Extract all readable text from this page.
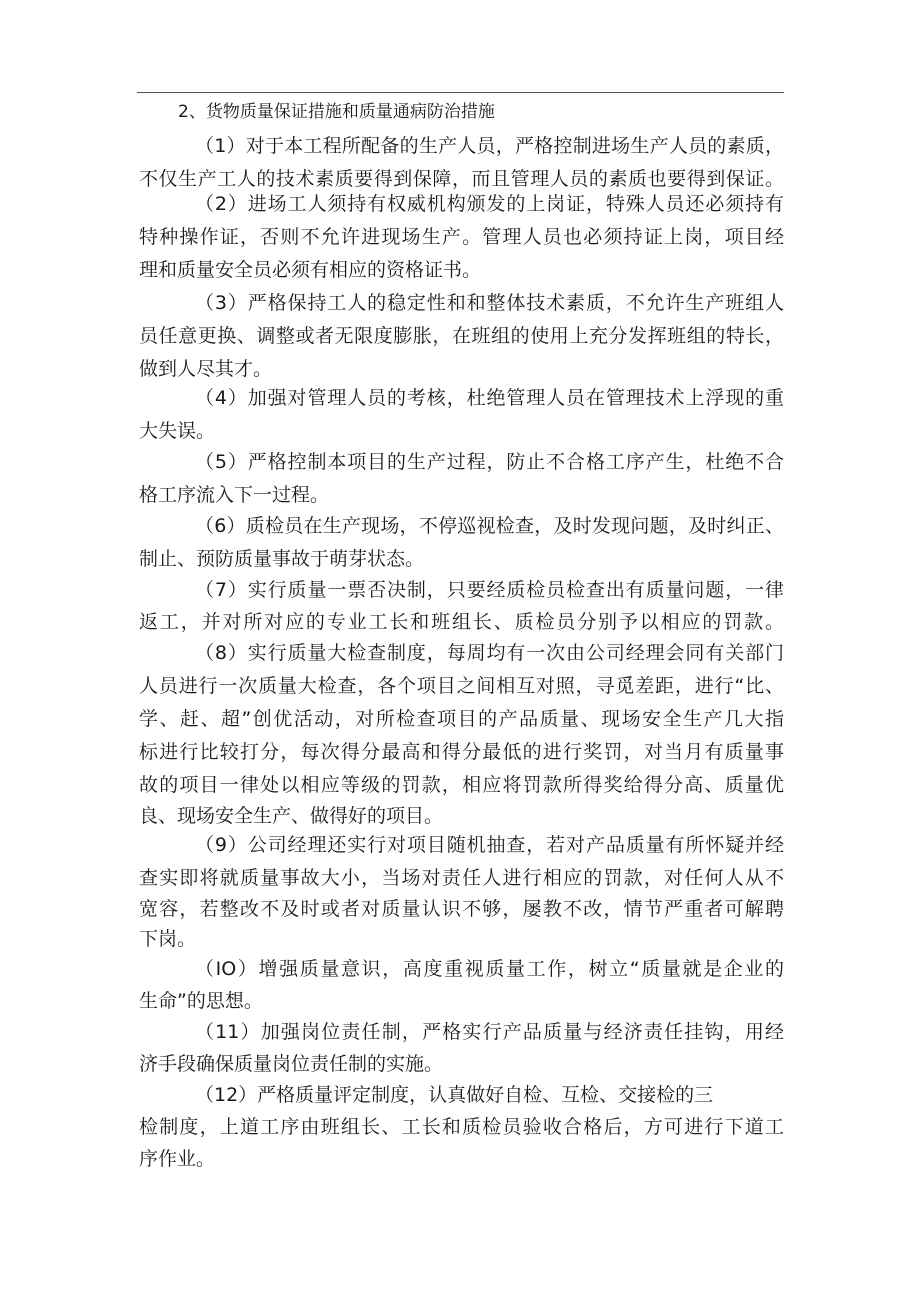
2、货物质量保证措施和质量通病防治措施
（1）对于本工程所配备的生产人员，严格控制进场生产人员的素质，
不仅生产工人的技术素质要得到保障，而且管理人员的素质也要得到保证。
（2）进场工人须持有权威机构颁发的上岗证，特殊人员还必须持有
特种操作证，否则不允许进现场生产。管理人员也必须持证上岗，项目经
理和质量安全员必须有相应的资格证书。
（3）严格保持工人的稳定性和和整体技术素质，不允许生产班组人
员任意更换、调整或者无限度膨胀，在班组的使用上充分发挥班组的特长，
做到人尽其才。
（4）加强对管理人员的考核，杜绝管理人员在管理技术上浮现的重
大失误。
（5）严格控制本项目的生产过程，防止不合格工序产生，杜绝不合
格工序流入下一过程。
（6）质检员在生产现场，不停巡视检查，及时发现问题，及时纠正、
制止、预防质量事故于萌芽状态。
（7）实行质量一票否决制，只要经质检员检查出有质量问题，一律
返工，并对所对应的专业工长和班组长、质检员分别予以相应的罚款。
（8）实行质量大检查制度，每周均有一次由公司经理会同有关部门
人员进行一次质量大检查，各个项目之间相互对照，寻觅差距，进行“比、
学、赶、超”创优活动，对所检查项目的产品质量、现场安全生产几大指
标进行比较打分，每次得分最高和得分最低的进行奖罚，对当月有质量事
故的项目一律处以相应等级的罚款，相应将罚款所得奖给得分高、质量优
良、现场安全生产、做得好的项目。
（9）公司经理还实行对项目随机抽查，若对产品质量有所怀疑并经
查实即将就质量事故大小，当场对责任人进行相应的罚款，对任何人从不
宽容，若整改不及时或者对质量认识不够，屡教不改，情节严重者可解聘
下岗。
（IO）增强质量意识，高度重视质量工作，树立“质量就是企业的
生命”的思想。
（11）加强岗位责任制，严格实行产品质量与经济责任挂钩，用经
济手段确保质量岗位责任制的实施。
（12）严格质量评定制度，认真做好自检、互检、交接检的三
检制度，上道工序由班组长、工长和质检员验收合格后，方可进行下道工
序作业。
